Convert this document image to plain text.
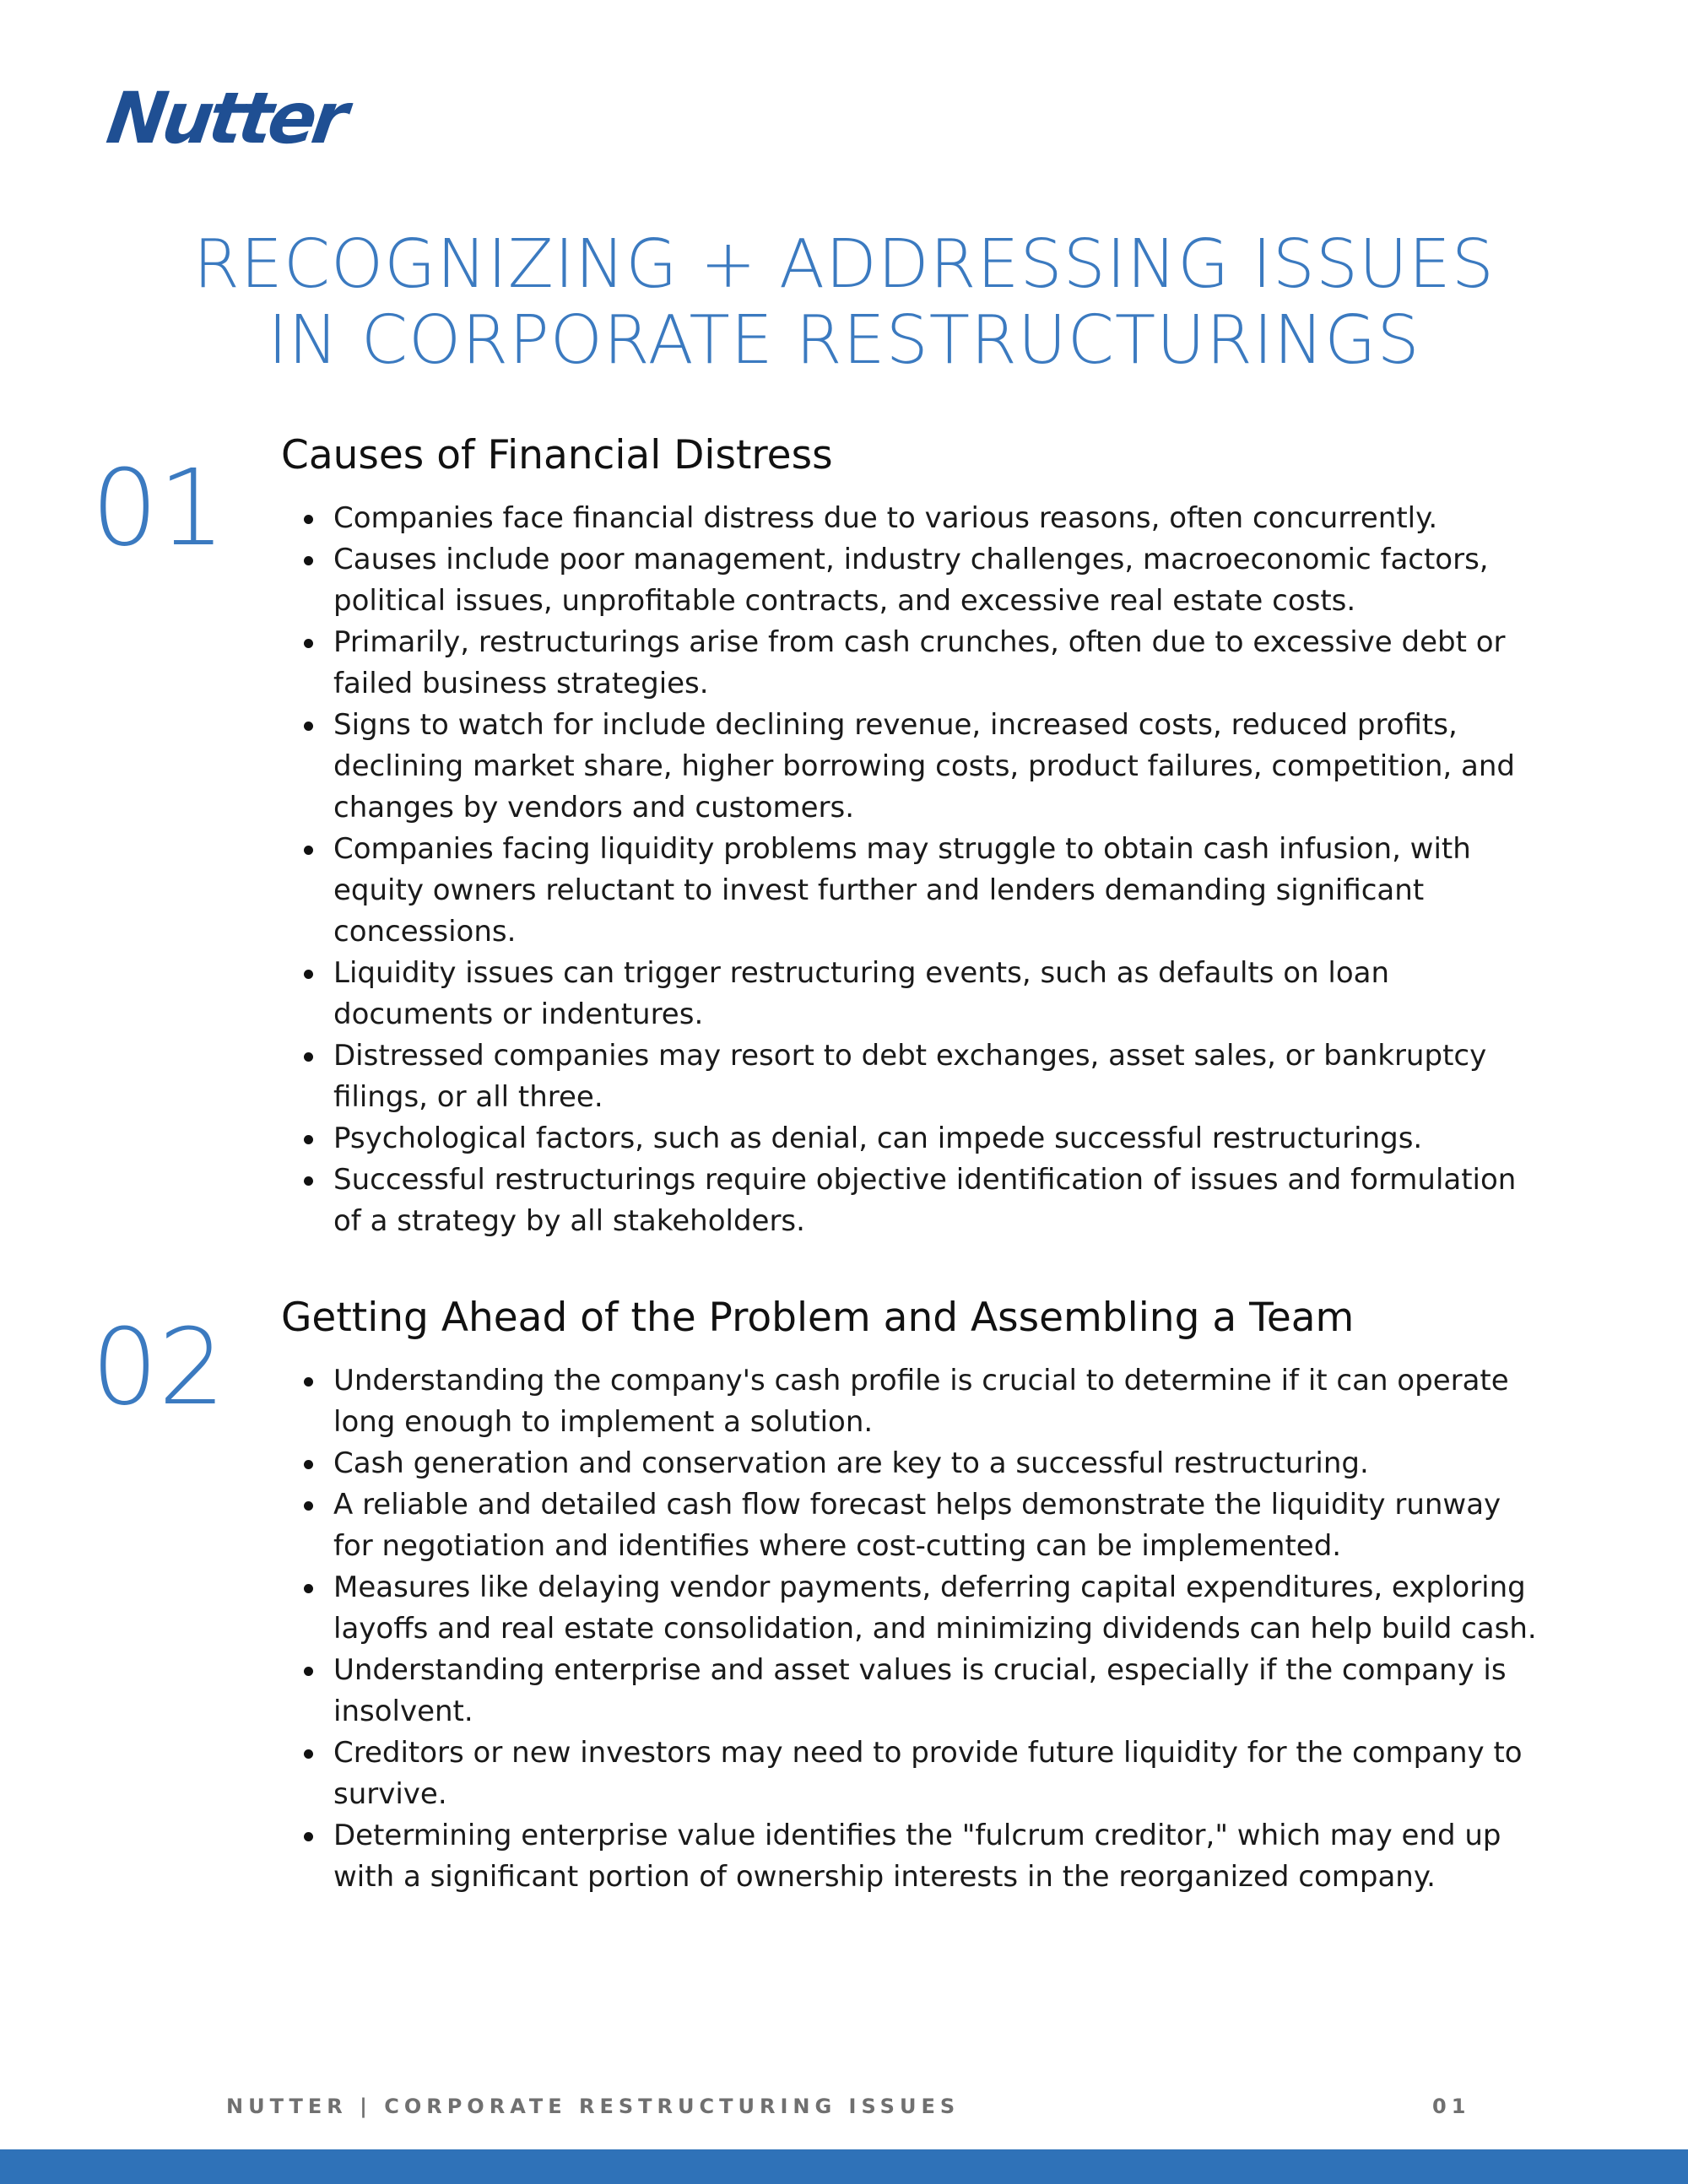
Nutter
RECOGNIZING + ADDRESSING ISSUES
IN CORPORATE RESTRUCTURINGS
01 Causes of Financial Distress
Companies face financial distress due to various reasons, often concurrently.
Causes include poor management, industry challenges, macroeconomic factors, political issues, unprofitable contracts, and excessive real estate costs.
Primarily, restructurings arise from cash crunches, often due to excessive debt or failed business strategies.
Signs to watch for include declining revenue, increased costs, reduced profits, declining market share, higher borrowing costs, product failures, competition, and changes by vendors and customers.
Companies facing liquidity problems may struggle to obtain cash infusion, with equity owners reluctant to invest further and lenders demanding significant concessions.
Liquidity issues can trigger restructuring events, such as defaults on loan documents or indentures.
Distressed companies may resort to debt exchanges, asset sales, or bankruptcy filings, or all three.
Psychological factors, such as denial, can impede successful restructurings.
Successful restructurings require objective identification of issues and formulation of a strategy by all stakeholders.
02 Getting Ahead of the Problem and Assembling a Team
Understanding the company's cash profile is crucial to determine if it can operate long enough to implement a solution.
Cash generation and conservation are key to a successful restructuring.
A reliable and detailed cash flow forecast helps demonstrate the liquidity runway for negotiation and identifies where cost-cutting can be implemented.
Measures like delaying vendor payments, deferring capital expenditures, exploring layoffs and real estate consolidation, and minimizing dividends can help build cash.
Understanding enterprise and asset values is crucial, especially if the company is insolvent.
Creditors or new investors may need to provide future liquidity for the company to survive.
Determining enterprise value identifies the "fulcrum creditor," which may end up with a significant portion of ownership interests in the reorganized company.
NUTTER | CORPORATE RESTRUCTURING ISSUES	01
